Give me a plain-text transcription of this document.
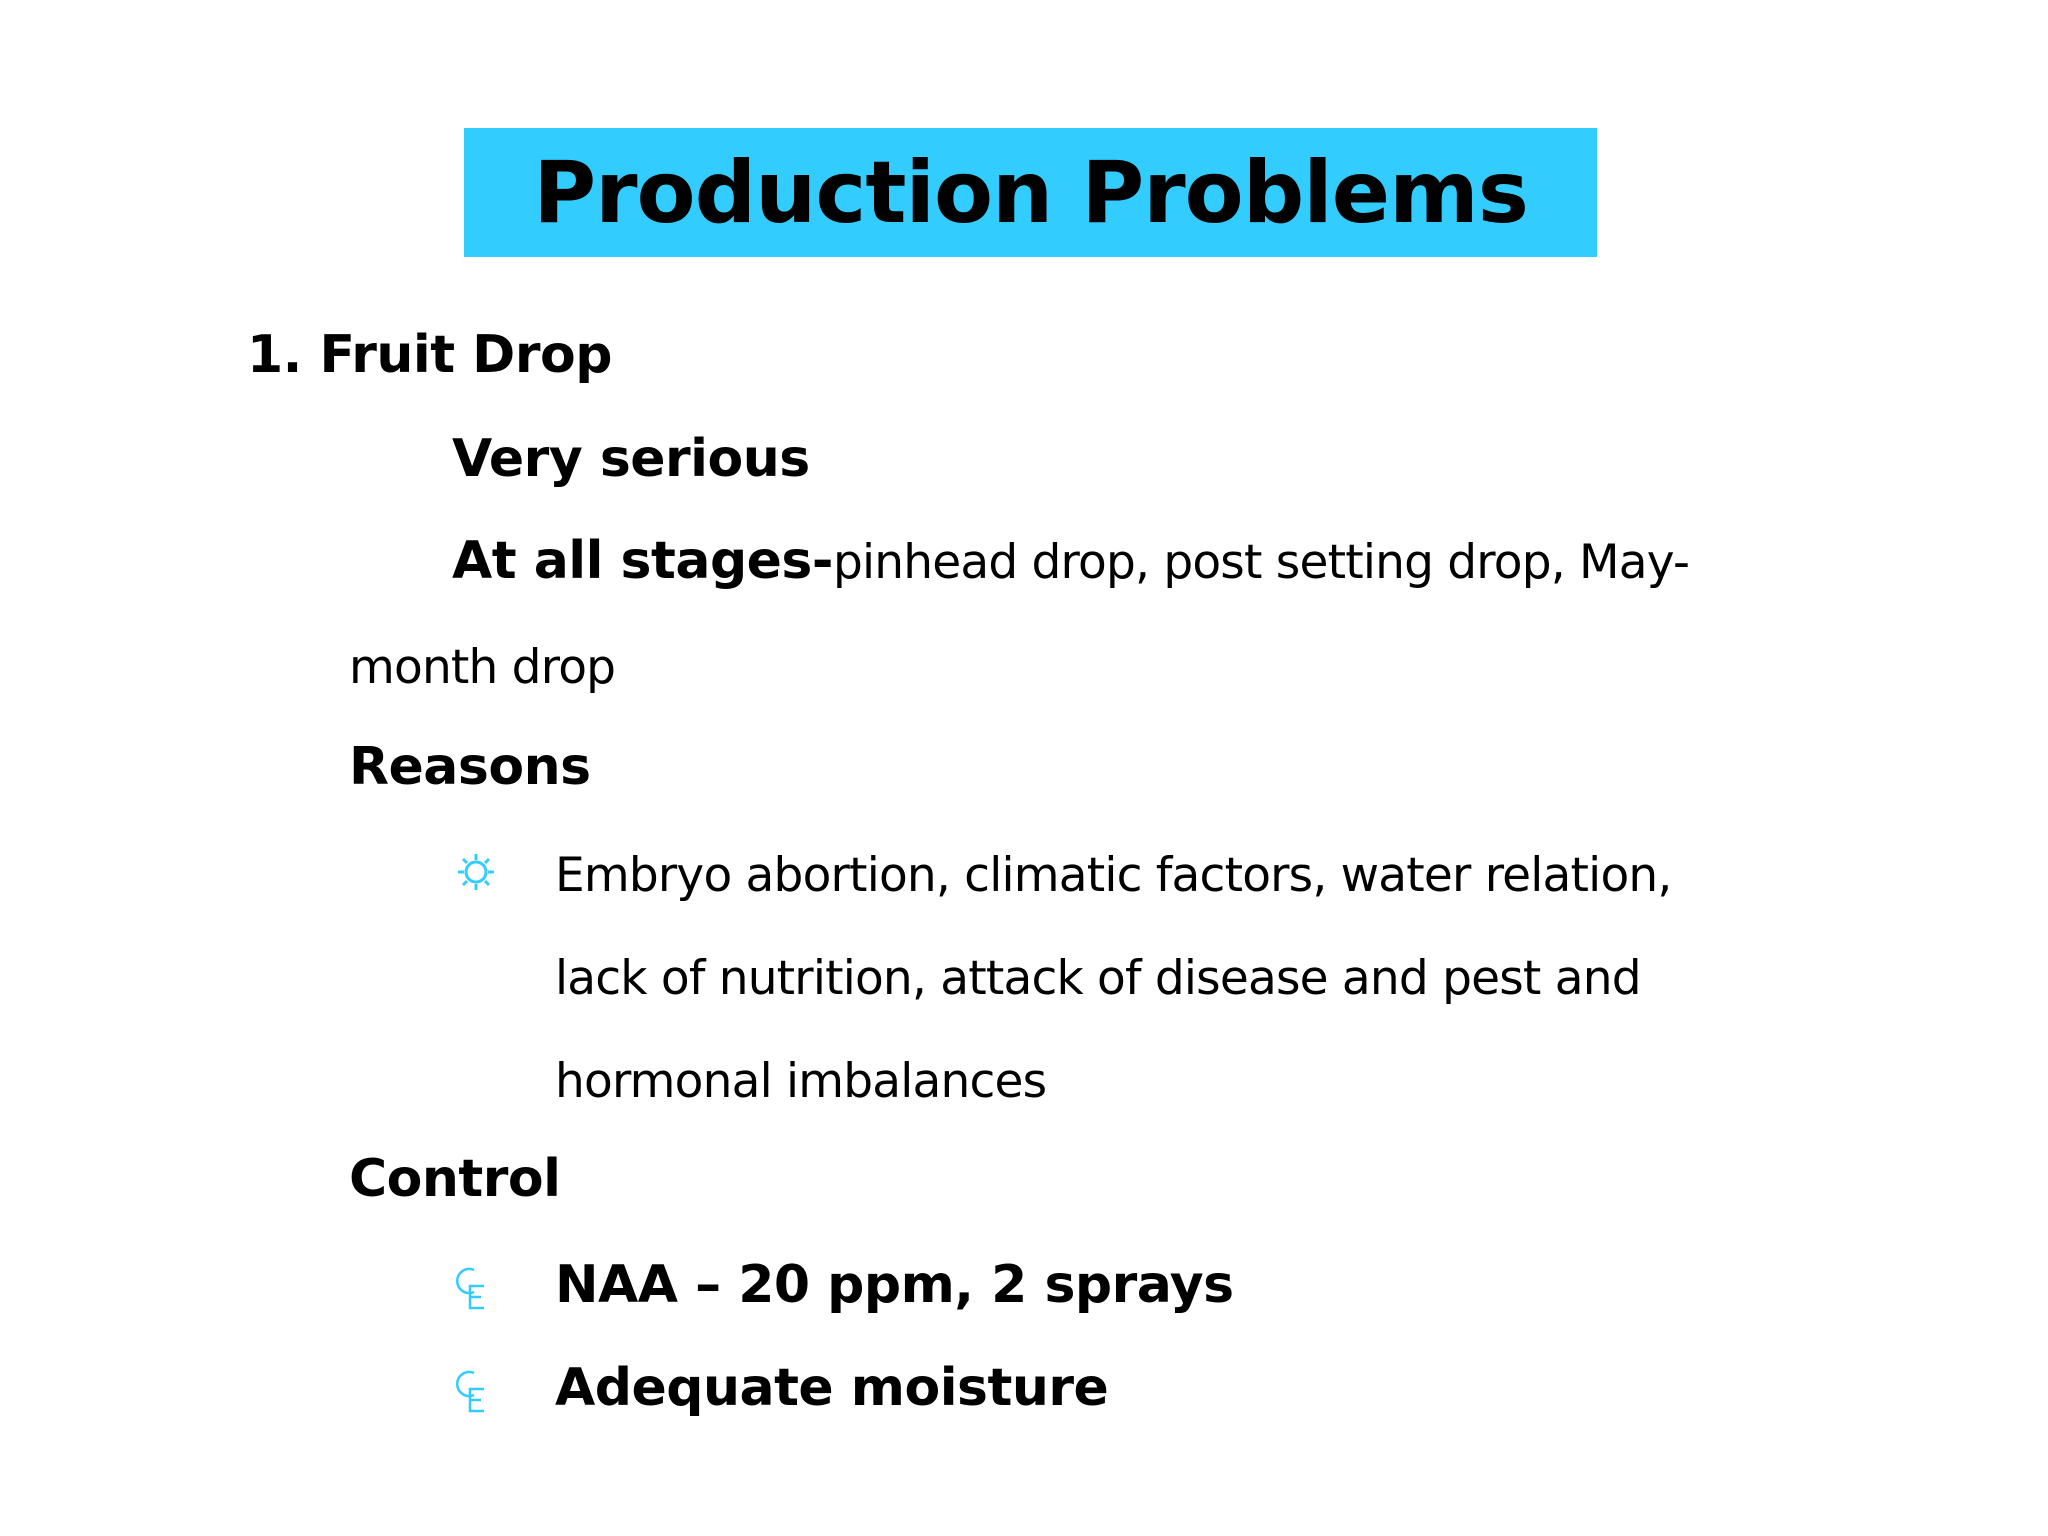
Production Problems
1. Fruit Drop
Very serious
At all stages-pinhead drop, post setting drop, May-
month drop
Reasons
Embryo abortion, climatic factors, water relation,
lack of nutrition, attack of disease and pest and
hormonal imbalances
Control
NAA – 20 ppm, 2 sprays
Adequate moisture
